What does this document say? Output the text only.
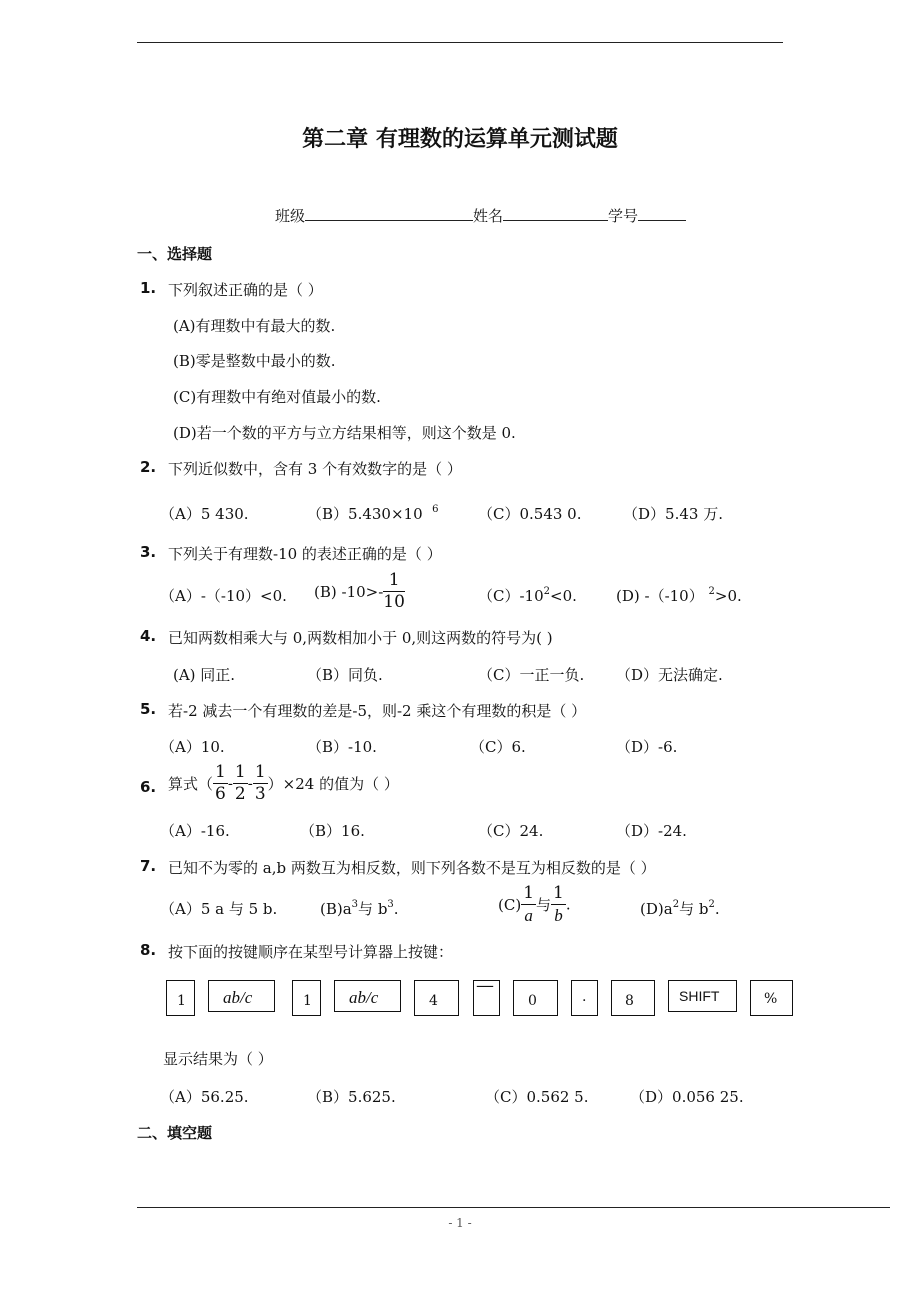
第二章 有理数的运算单元测试题
班级	姓名	学号
一、选择题
1. 下列叙述正确的是（ ）
(A)有理数中有最大的数.
(B)零是整数中最小的数.
(C)有理数中有绝对值最小的数.
(D)若一个数的平方与立方结果相等，则这个数是 0.
2. 下列近似数中，含有 3 个有效数字的是（ ）
（A）5 430.	（B）5.430×10 $^6$	（C）0.543 0.	（D）5.43 万.
3. 下列关于有理数-10 的表述正确的是（ ）
（A）-（-10）<0. (B) $-10>- \frac{1}{10}$	$(C)-10^2<0$.	(D) -（-10） $^2$>0.
4. 已知两数相乘大与 0,两数相加小于 0,则这两数的符号为( )
(A) 同正.	（B）同负.	（C）一正一负. （D）无法确定.
5. 若-2 减去一个有理数的差是-5，则-2 乘这个有理数的积是（ ）
（A）10.	（B）-10.	（C）6.	（D）-6.
6. 算式（ $\frac{1}{6} - \frac{1}{2} - \frac{1}{3} )\times 24$ 的值为（ ）
（A）-16.	（B）16.	（C）24.	（D）-24.
7. 已知不为零的 a,b 两数互为相反数，则下列各数不是互为相反数的是（ ）
（A）5 a 与 5 b.	$(B)a^3$与 $b^3$.	$(C) \frac{1}{a}$ 与 $\frac{1}{b}$ .	$(D)a^2$与 $b^2$.
8. 按下面的按键顺序在某型号计算器上按键：
1 ab/c	1 ab/c	4
—
0	.	8	SHIFT	%
显示结果为（ ）
（A）56.25.	（B）5.625.	（C）0.562 5.	（D）0.056 25.
二、填空题
- 1 -
